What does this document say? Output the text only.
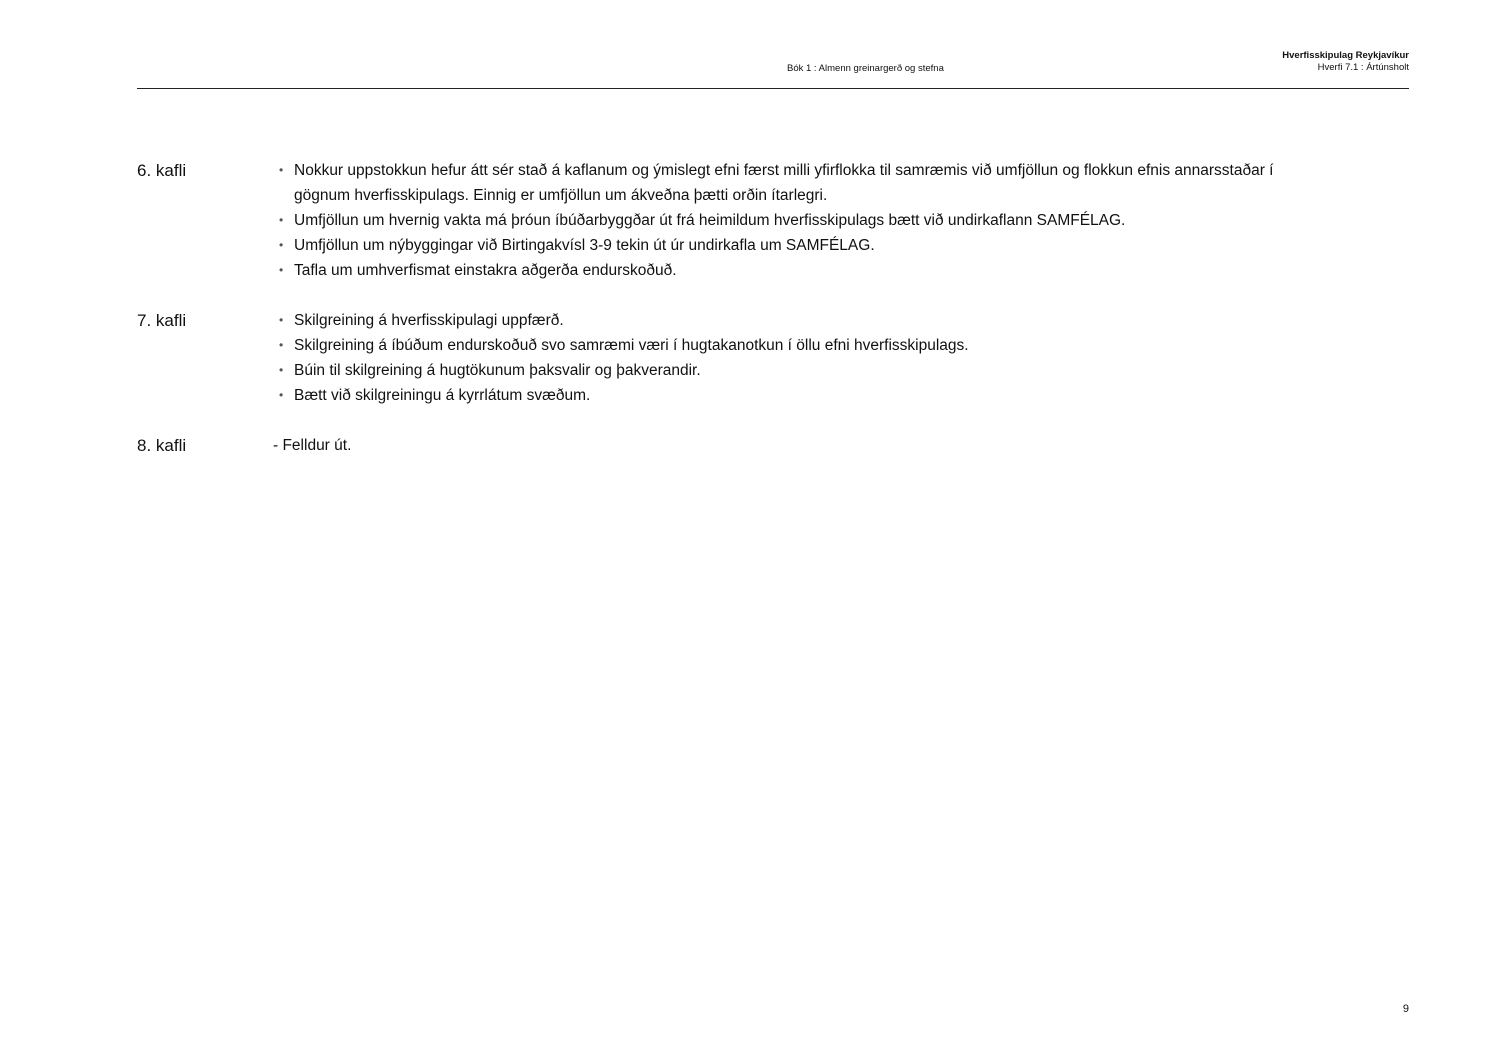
Bók 1 : Almenn greinargerð og stefna
Hverfisskipulag Reykjavíkur
Hverfi 7.1 : Ártúnsholt
6. kafli	• Nokkur uppstokkun hefur átt sér stað á kaflanum og ýmislegt efni færst milli yfirflokka til samræmis við umfjöllun og flokkun efnis annarsstaðar í gögnum hverfisskipulags. Einnig er umfjöllun um ákveðna þætti orðin ítarlegri.
• Umfjöllun um hvernig vakta má þróun íbúðarbyggðar út frá heimildum hverfisskipulags bætt við undirkaflann SAMFÉLAG.
• Umfjöllun um nýbyggingar við Birtingakvísl 3-9 tekin út úr undirkafla um SAMFÉLAG.
• Tafla um umhverfismat einstakra aðgerða endurskoðuð.
7. kafli	• Skilgreining á hverfisskipulagi uppfærð.
• Skilgreining á íbúðum endurskoðuð svo samræmi væri í hugtakanotkun í öllu efni hverfisskipulags.
• Búin til skilgreining á hugtökunum þaksvalir og þakverandir.
• Bætt við skilgreiningu á kyrrlátum svæðum.
8. kafli	- Felldur út.
9
